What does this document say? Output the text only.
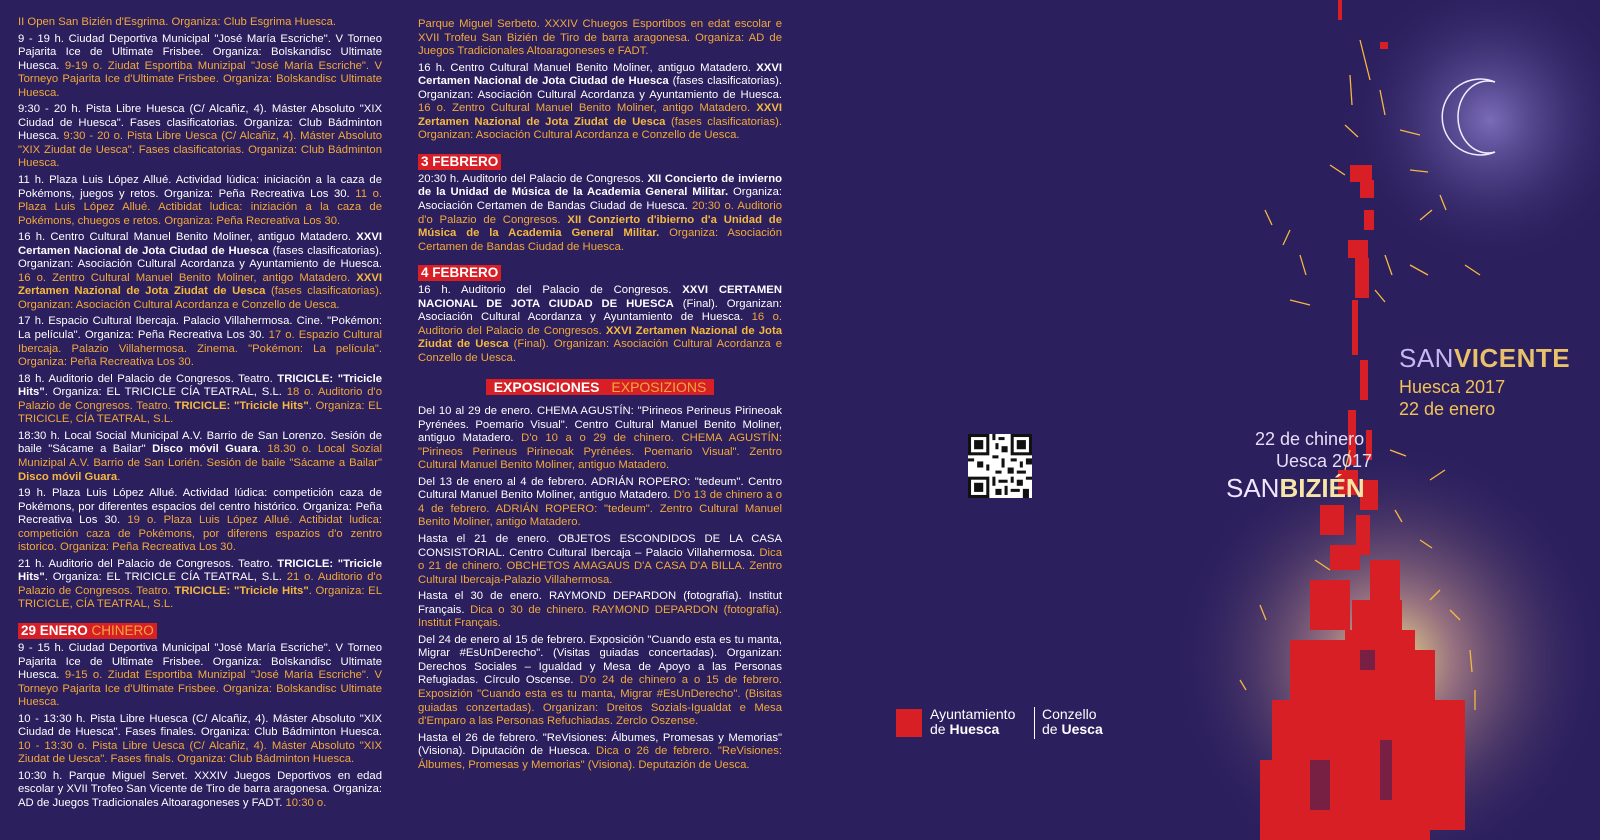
II Open San Bizién d'Esgrima. Organiza: Club Esgrima Huesca.
9 - 19 h. Ciudad Deportiva Municipal "José María Escriche". V Torneo Pajarita Ice de Ultimate Frisbee. Organiza: Bolskandisc Ultimate Huesca. 9-19 o. Ziudat Esportiba Munizipal "José María Escriche". V Torneyo Pajarita Ice d'Ultimate Frisbee. Organiza: Bolskandisc Ultimate Huesca.
9:30 - 20 h. Pista Libre Huesca (C/ Alcañiz, 4). Máster Absoluto "XIX Ciudad de Huesca". Fases clasificatorias. Organiza: Club Bádminton Huesca. 9:30 - 20 o. Pista Libre Uesca (C/ Alcañiz, 4). Máster Absoluto "XIX Ziudat de Uesca". Fases clasificatorias. Organiza: Club Bádminton Huesca.
11 h. Plaza Luis López Allué. Actividad lúdica: iniciación a la caza de Pokémons, juegos y retos. Organiza: Peña Recreativa Los 30. 11 o. Plaza Luis López Allué. Actibidat ludica: iniziación a la caza de Pokémons, chuegos e retos. Organiza: Peña Recreativa Los 30.
16 h. Centro Cultural Manuel Benito Moliner, antiguo Matadero. XXVI Certamen Nacional de Jota Ciudad de Huesca (fases clasificatorias). Organizan: Asociación Cultural Acordanza y Ayuntamiento de Huesca. 16 o. Zentro Cultural Manuel Benito Moliner, antigo Matadero. XXVI Zertamen Nazional de Jota Ziudat de Uesca (fases clasificatorias). Organizan: Asociación Cultural Acordanza e Conzello de Uesca.
17 h. Espacio Cultural Ibercaja. Palacio Villahermosa. Cine. "Pokémon: La película". Organiza: Peña Recreativa Los 30. 17 o. Espazio Cultural Ibercaja. Palazio Villahermosa. Zinema. "Pokémon: La película". Organiza: Peña Recreativa Los 30.
18 h. Auditorio del Palacio de Congresos. Teatro. TRICICLE: "Tricicle Hits". Organiza: EL TRICICLE CÍA TEATRAL, S.L. 18 o. Auditorio d'o Palazio de Congresos. Teatro. TRICICLE: "Tricicle Hits". Organiza: EL TRICICLE, CÍA TEATRAL, S.L.
18:30 h. Local Social Municipal A.V. Barrio de San Lorenzo. Sesión de baile "Sácame a Bailar" Disco móvil Guara. 18.30 o. Local Sozial Munizipal A.V. Barrio de San Lorién. Sesión de baile "Sácame a Bailar" Disco móvil Guara.
19 h. Plaza Luis López Allué. Actividad lúdica: competición caza de Pokémons, por diferentes espacios del centro histórico. Organiza: Peña Recreativa Los 30. 19 o. Plaza Luis López Allué. Actibidat ludica: competición caza de Pokémons, por diferens espazios d'o zentro istorico. Organiza: Peña Recreativa Los 30.
21 h. Auditorio del Palacio de Congresos. Teatro. TRICICLE: "Tricicle Hits". Organiza: EL TRICICLE CÍA TEATRAL, S.L. 21 o. Auditorio d'o Palazio de Congresos. Teatro. TRICICLE: "Tricicle Hits". Organiza: EL TRICICLE, CÍA TEATRAL, S.L.
29 ENERO CHINERO
9 - 15 h. Ciudad Deportiva Municipal "José María Escriche". V Torneo Pajarita Ice de Ultimate Frisbee. Organiza: Bolskandisc Ultimate Huesca. 9-15 o. Ziudat Esportiba Munizipal "José María Escriche". V Torneyo Pajarita Ice d'Ultimate Frisbee. Organiza: Bolskandisc Ultimate Huesca.
10 - 13:30 h. Pista Libre Huesca (C/ Alcañiz, 4). Máster Absoluto "XIX Ciudad de Huesca". Fases finales. Organiza: Club Bádminton Huesca. 10 - 13:30 o. Pista Libre Uesca (C/ Alcañiz, 4). Máster Absoluto "XIX Ziudat de Uesca". Fases finals. Organiza: Club Bádminton Huesca.
10:30 h. Parque Miguel Servet. XXXIV Juegos Deportivos en edad escolar y XVII Trofeo San Vicente de Tiro de barra aragonesa. Organiza: AD de Juegos Tradicionales Altoaragoneses y FADT. 10:30 o.
Parque Miguel Serbeto. XXXIV Chuegos Esportibos en edat escolar e XVII Trofeu San Bizién de Tiro de barra aragonesa. Organiza: AD de Juegos Tradicionales Altoaragoneses e FADT.
16 h. Centro Cultural Manuel Benito Moliner, antiguo Matadero. XXVI Certamen Nacional de Jota Ciudad de Huesca (fases clasificatorias). Organizan: Asociación Cultural Acordanza y Ayuntamiento de Huesca. 16 o. Zentro Cultural Manuel Benito Moliner, antigo Matadero. XXVI Zertamen Nazional de Jota Ziudat de Uesca (fases clasificatorias). Organizan: Asociación Cultural Acordanza e Conzello de Uesca.
3 FEBRERO
20:30 h. Auditorio del Palacio de Congresos. XII Concierto de invierno de la Unidad de Música de la Academia General Militar. Organiza: Asociación Certamen de Bandas Ciudad de Huesca. 20:30 o. Auditorio d'o Palazio de Congresos. XII Conzierto d'ibierno d'a Unidad de Música de la Academia General Militar. Organiza: Asociación Certamen de Bandas Ciudad de Huesca.
4 FEBRERO
16 h. Auditorio del Palacio de Congresos. XXVI CERTAMEN NACIONAL DE JOTA CIUDAD DE HUESCA (Final). Organizan: Asociación Cultural Acordanza y Ayuntamiento de Huesca. 16 o. Auditorio del Palacio de Congresos. XXVI Zertamen Nazional de Jota Ziudat de Uesca (Final). Organizan: Asociación Cultural Acordanza e Conzello de Uesca.
EXPOSICIONES EXPOSIZIONS
Del 10 al 29 de enero. CHEMA AGUSTÍN: "Pirineos Perineus Pirineoak Pyrénées. Poemario Visual". Centro Cultural Manuel Benito Moliner, antiguo Matadero. D'o 10 a o 29 de chinero. CHEMA AGUSTÍN: "Pirineos Perineus Pirineoak Pyrénées. Poemario Visual". Zentro Cultural Manuel Benito Moliner, antiguo Matadero.
Del 13 de enero al 4 de febrero. ADRIÁN ROPERO: "tedeum". Centro Cultural Manuel Benito Moliner, antiguo Matadero. D'o 13 de chinero a o 4 de febrero. ADRIÁN ROPERO: "tedeum". Zentro Cultural Manuel Benito Moliner, antigo Matadero.
Hasta el 21 de enero. OBJETOS ESCONDIDOS DE LA CASA CONSISTORIAL. Centro Cultural Ibercaja – Palacio Villahermosa. Dica o 21 de chinero. OBCHETOS AMAGAUS D'A CASA D'A BILLA. Zentro Cultural Ibercaja-Palazio Villahermosa.
Hasta el 30 de enero. RAYMOND DEPARDON (fotografía). Institut Français. Dica o 30 de chinero. RAYMOND DEPARDON (fotografía). Institut Français.
Del 24 de enero al 15 de febrero. Exposición "Cuando esta es tu manta, Migrar #EsUnDerecho". (Visitas guiadas concertadas). Organizan: Derechos Sociales – Igualdad y Mesa de Apoyo a las Personas Refugiadas. Círculo Oscense. D'o 24 de chinero a o 15 de febrero. Exposizión "Cuando esta es tu manta, Migrar #EsUnDerecho". (Bisitas guiadas conzertadas). Organizan: Dreitos Sozials-Igualdat e Mesa d'Emparo a las Personas Refuchiadas. Zerclo Oszense.
Hasta el 26 de febrero. "ReVisiones: Álbumes, Promesas y Memorias" (Visiona). Diputación de Huesca. Dica o 26 de febrero. "ReVisiones: Álbumes, Promesas y Memorias" (Visiona). Deputazión de Uesca.
Ayuntamiento
de Huesca
Conzello
de Uesca
SANVICENTE
Huesca 2017
22 de enero
22 de chinero
Uesca 2017
SANBIZIÉN
